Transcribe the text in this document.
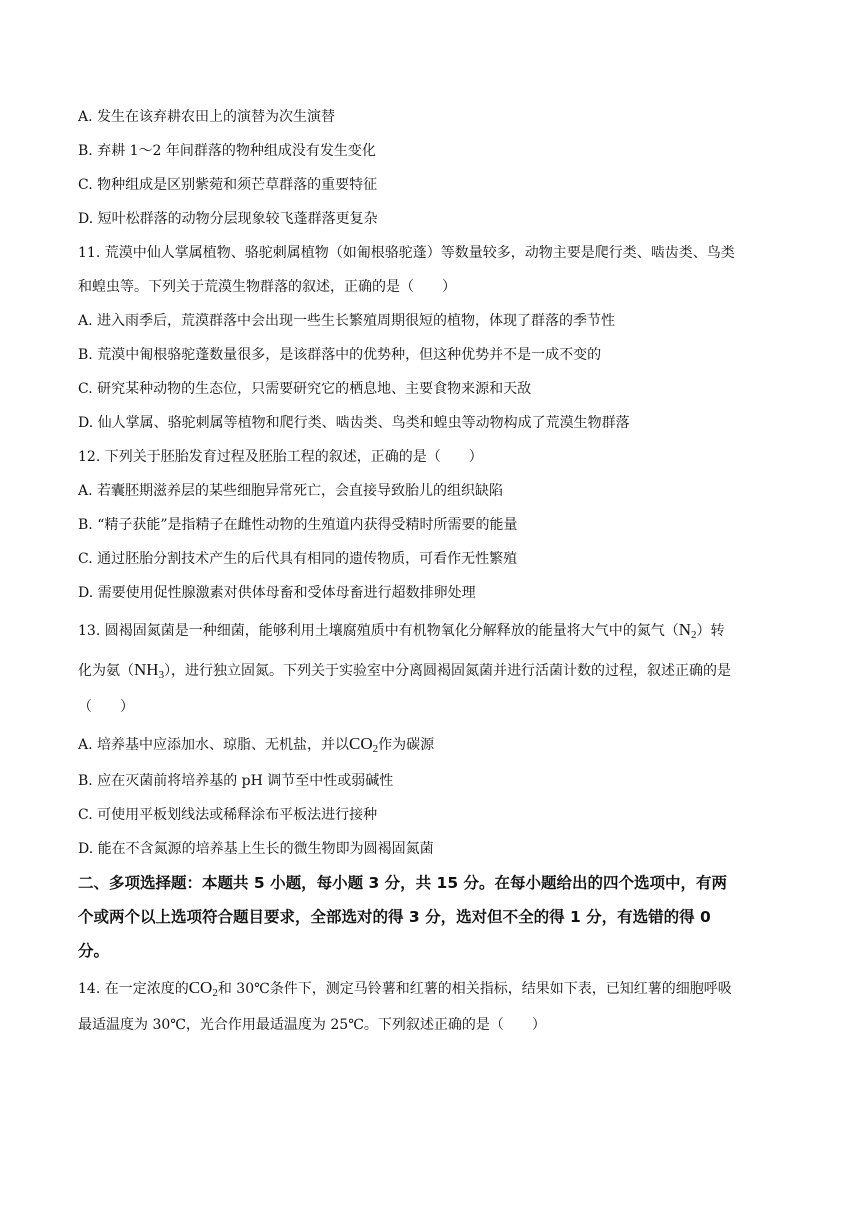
A. 发生在该弃耕农田上的演替为次生演替
B. 弃耕 1～2 年间群落的物种组成没有发生变化
C. 物种组成是区别紫菀和须芒草群落的重要特征
D. 短叶松群落的动物分层现象较飞蓬群落更复杂
11. 荒漠中仙人掌属植物、骆驼刺属植物（如匍根骆驼蓬）等数量较多，动物主要是爬行类、啮齿类、鸟类
和蝗虫等。下列关于荒漠生物群落的叙述，正确的是（　　）
A. 进入雨季后，荒漠群落中会出现一些生长繁殖周期很短的植物，体现了群落的季节性
B. 荒漠中匍根骆驼蓬数量很多，是该群落中的优势种，但这种优势并不是一成不变的
C. 研究某种动物的生态位，只需要研究它的栖息地、主要食物来源和天敌
D. 仙人掌属、骆驼刺属等植物和爬行类、啮齿类、鸟类和蝗虫等动物构成了荒漠生物群落
12. 下列关于胚胎发育过程及胚胎工程的叙述，正确的是（　　）
A. 若囊胚期滋养层的某些细胞异常死亡，会直接导致胎儿的组织缺陷
B. “精子获能”是指精子在雌性动物的生殖道内获得受精时所需要的能量
C. 通过胚胎分割技术产生的后代具有相同的遗传物质，可看作无性繁殖
D. 需要使用促性腺激素对供体母畜和受体母畜进行超数排卵处理
13. 圆褐固氮菌是一种细菌，能够利用土壤腐殖质中有机物氧化分解释放的能量将大气中的氮气$(N_2)$转
化为氨$(NH_3)$，进行独立固氮。下列关于实验室中分离圆褐固氮菌并进行活菌计数的过程，叙述正确的是
（　　）
A. 培养基中应添加水、琼脂、无机盐，并以$CO_2$作为碳源
B. 应在灭菌前将培养基的 pH 调节至中性或弱碱性
C. 可使用平板划线法或稀释涂布平板法进行接种
D. 能在不含氮源的培养基上生长的微生物即为圆褐固氮菌
二、多项选择题：本题共 5 小题，每小题 3 分，共 15 分。在每小题给出的四个选项中，有两
个或两个以上选项符合题目要求，全部选对的得 3 分，选对但不全的得 1 分，有选错的得 0
分。
14. 在一定浓度的$CO_2$和 30℃条件下，测定马铃薯和红薯的相关指标，结果如下表，已知红薯的细胞呼吸
最适温度为 30℃，光合作用最适温度为 25℃。下列叙述正确的是（　　）
